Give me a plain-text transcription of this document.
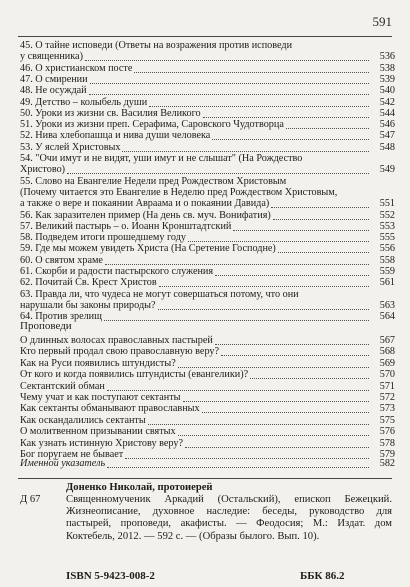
591
45. О тайне исповеди (Ответы на возражения против исповеди
у священника)	536
46. О христианском посте	538
47. О смирении	539
48. Не осуждай	540
49. Детство – колыбель души	542
50. Уроки из жизни св. Василия Великого	544
51. Уроки из жизни преп. Серафима, Саровского Чудотворца	546
52. Нива хлебопашца и нива души человека	547
53. У яслей Христовых	548
54. "Очи имут и не видят, уши имут и не слышат" (На Рождество
Христово)	549
55. Слово на Евангелие Недели пред Рождеством Христовым
(Почему читается это Евангелие в Неделю пред Рождеством Христовым,
а также о вере и покаянии Авраама и о покаянии Давида)	551
56. Как заразителен пример (На день св. муч. Вонифатия)	552
57. Великий пастырь – о. Иоанн Кронштадтский	553
58. Подведем итоги прошедшему году	555
59. Где мы можем увидеть Христа (На Сретение Господне)	556
60. О святом храме	558
61. Скорби и радости пастырского служения	559
62. Почитай Св. Крест Христов	561
63. Правда ли, что чудеса не могут совершаться потому, что они
нарушали бы законы природы?	563
64. Против зрелищ	564
Проповеди
О длинных волосах православных пастырей	567
Кто первый продал свою православную веру?	568
Как на Руси появились штундисты?	569
От кого и когда появились штундисты (евангелики)?	570
Сектантский обман	571
Чему учат и как поступают сектанты	572
Как сектанты обманывают православных	573
Как оскандалились сектанты	575
О молитвенном призывании святых	576
Как узнать истинную Христову веру?	578
Бог поругаем не бывает	579
Именной указатель	582
Доненко Николай, протоиерей
Д 67	Священномученик Аркадий (Остальский), епископ Бежецкий. Жизнеописание, духовное наследие: беседы, руководство для пастырей, проповеди, акафисты. — Феодосия; М.: Издат. дом Коктебель, 2012. — 592 с. — (Образы былого. Вып. 10).
ISBN 5-9423-008-2	ББК 86.2
